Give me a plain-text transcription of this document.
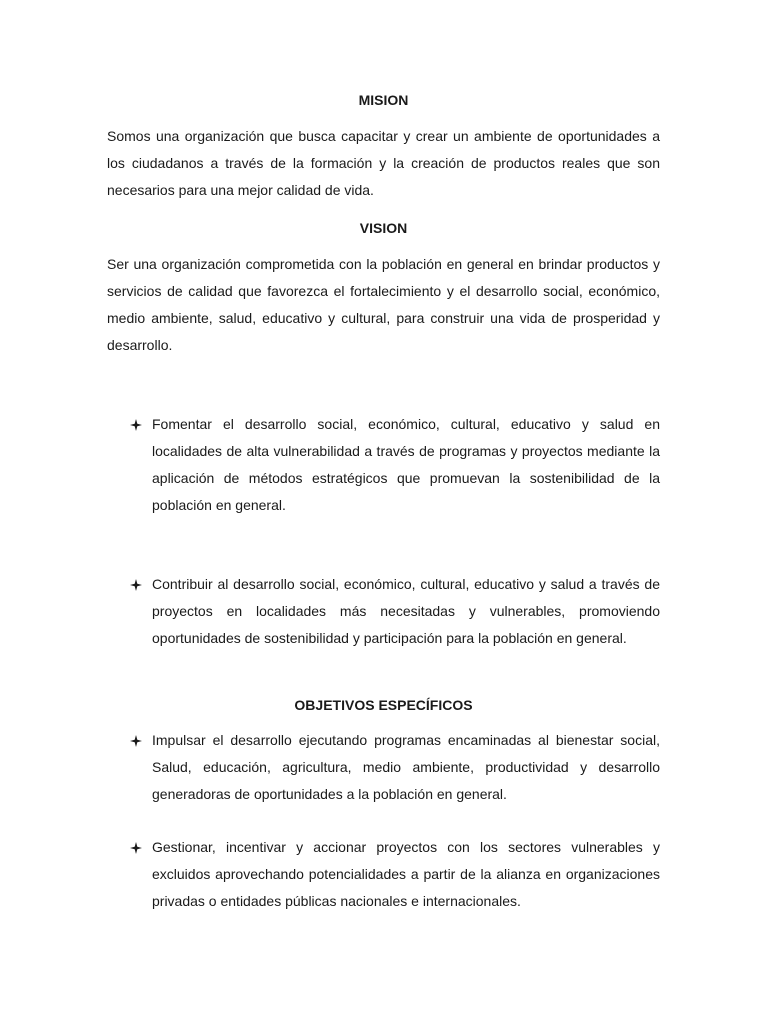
MISION

Somos una organización que busca capacitar y crear un ambiente de oportunidades a los ciudadanos a través de la formación y la creación de productos reales que son necesarios para una mejor calidad de vida.

VISION

Ser una organización comprometida con la población en general en brindar productos y servicios de calidad que favorezca el fortalecimiento y el desarrollo social, económico, medio ambiente, salud, educativo y cultural, para construir una vida de prosperidad y desarrollo.

Fomentar el desarrollo social, económico, cultural, educativo y salud en localidades de alta vulnerabilidad a través de programas y proyectos mediante la aplicación de métodos estratégicos que promuevan la sostenibilidad de la población en general.
Contribuir al desarrollo social, económico, cultural, educativo y salud a través de proyectos en localidades más necesitadas y vulnerables, promoviendo oportunidades de sostenibilidad y participación para la población en general.
OBJETIVOS ESPECÍFICOS
Impulsar el desarrollo ejecutando programas encaminadas al bienestar social, Salud, educación, agricultura, medio ambiente, productividad y desarrollo generadoras de oportunidades a la población en general.
Gestionar, incentivar y accionar proyectos con los sectores vulnerables y excluidos aprovechando potencialidades a partir de la alianza en organizaciones privadas o entidades públicas nacionales e internacionales.
